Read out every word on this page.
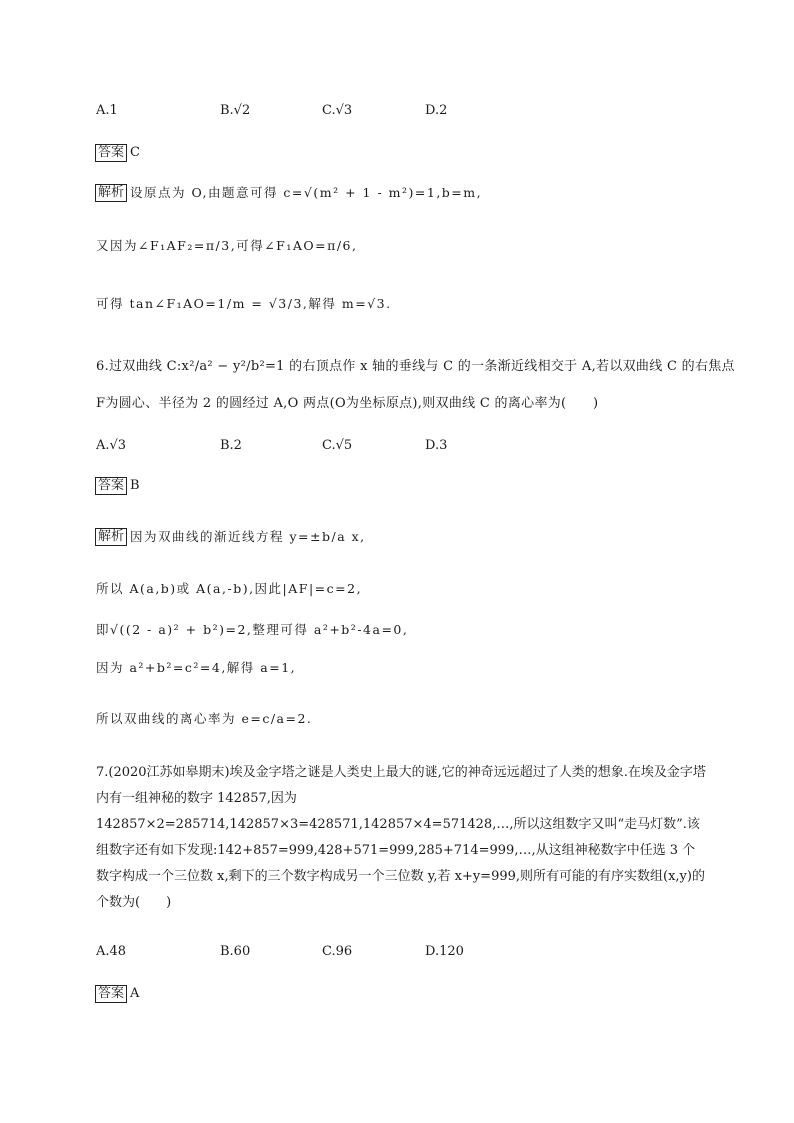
A.1	B.√2	C.√3	D.2
答案 C
解析 设原点为 O,由题意可得 c=√(m² + 1 - m²)=1,b=m,
又因为∠F₁AF₂=π/3,可得∠F₁AO=π/6,
可得 tan∠F₁AO=1/m = √3/3,解得 m=√3.
6.过双曲线 C:x²/a² − y²/b²=1 的右顶点作 x 轴的垂线与 C 的一条渐近线相交于 A,若以双曲线 C 的右焦点
F为圆心、半径为 2 的圆经过 A,O 两点(O为坐标原点),则双曲线 C 的离心率为(　　)
A.√3	B.2	C.√5	D.3
答案 B
解析 因为双曲线的渐近线方程 y=±b/a x,
所以 A(a,b)或 A(a,-b),因此|AF|=c=2,
即√((2 - a)² + b²)=2,整理可得 a²+b²-4a=0,
因为 a²+b²=c²=4,解得 a=1,
所以双曲线的离心率为 e=c/a=2.
7.(2020江苏如皋期末)埃及金字塔之谜是人类史上最大的谜,它的神奇远远超过了人类的想象.在埃及金字塔内有一组神秘的数字 142857,因为 142857×2=285714,142857×3=428571,142857×4=571428,…,所以这组数字又叫“走马灯数”.该组数字还有如下发现:142+857=999,428+571=999,285+714=999,…,从这组神秘数字中任选 3 个数字构成一个三位数 x,剩下的三个数字构成另一个三位数 y,若 x+y=999,则所有可能的有序实数组(x,y)的个数为(　　)
A.48	B.60	C.96	D.120
答案 A
